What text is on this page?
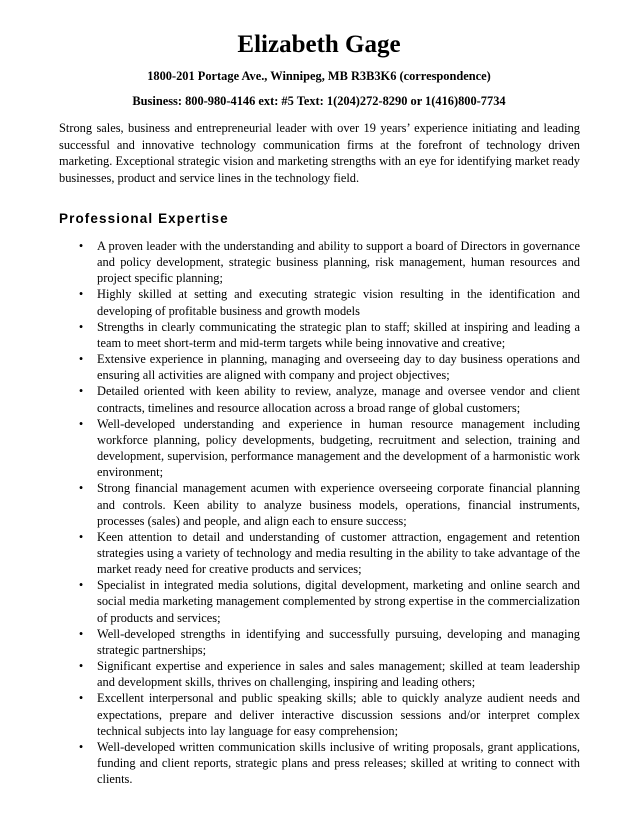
Elizabeth Gage
1800-201 Portage Ave., Winnipeg, MB R3B3K6 (correspondence)
Business: 800-980-4146 ext: #5 Text: 1(204)272-8290 or 1(416)800-7734

Strong sales, business and entrepreneurial leader with over 19 years’ experience initiating and leading successful and innovative technology communication firms at the forefront of technology driven marketing. Exceptional strategic vision and marketing strengths with an eye for identifying market ready businesses, product and service lines in the technology field.

Professional Expertise
•	A proven leader with the understanding and ability to support a board of Directors in governance and policy development, strategic business planning, risk management, human resources and project specific planning;
•	Highly skilled at setting and executing strategic vision resulting in the identification and developing of profitable business and growth models
•	Strengths in clearly communicating the strategic plan to staff; skilled at inspiring and leading a team to meet short-term and mid-term targets while being innovative and creative;
•	Extensive experience in planning, managing and overseeing day to day business operations and ensuring all activities are aligned with company and project objectives;
•	Detailed oriented with keen ability to review, analyze, manage and oversee vendor and client contracts, timelines and resource allocation across a broad range of global customers;
•	Well-developed understanding and experience in human resource management including workforce planning, policy developments, budgeting, recruitment and selection, training and development, supervision, performance management and the development of a harmonistic work environment;
•	Strong financial management acumen with experience overseeing corporate financial planning and controls. Keen ability to analyze business models, operations, financial instruments, processes (sales) and people, and align each to ensure success;
•	Keen attention to detail and understanding of customer attraction, engagement and retention strategies using a variety of technology and media resulting in the ability to take advantage of the market ready need for creative products and services;
•	Specialist in integrated media solutions, digital development, marketing and online search and social media marketing management complemented by strong expertise in the commercialization of products and services;
•	Well-developed strengths in identifying and successfully pursuing, developing and managing strategic partnerships;
•	Significant expertise and experience in sales and sales management; skilled at team leadership and development skills, thrives on challenging, inspiring and leading others;
•	Excellent interpersonal and public speaking skills; able to quickly analyze audient needs and expectations, prepare and deliver interactive discussion sessions and/or interpret complex technical subjects into lay language for easy comprehension;
•	Well-developed written communication skills inclusive of writing proposals, grant applications, funding and client reports, strategic plans and press releases; skilled at writing to connect with clients.
